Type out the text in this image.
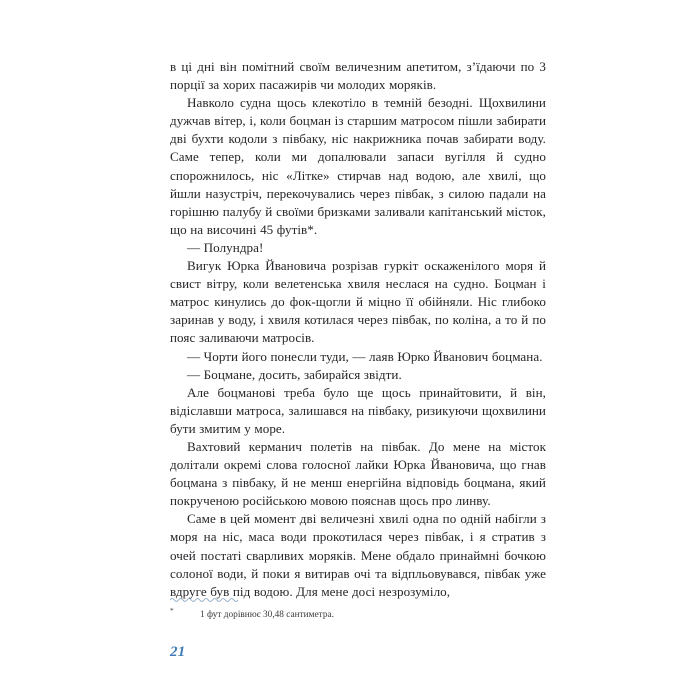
в ці дні він помітний своїм величезним апетитом, з’їдаючи по 3 порції за хорих пасажирів чи молодих моряків.

Навколо судна щось клекотіло в темній безодні. Щохвилини дужчав вітер, і, коли боцман із старшим матросом пішли забирати дві бухти кодоли з півбаку, ніс накрижника почав забирати воду. Саме тепер, коли ми допалювали запаси вугілля й судно спорожнилось, ніс «Літке» стирчав над водою, але хвилі, що йшли назустріч, перекочувались через півбак, з силою падали на горішню палубу й своїми бризками заливали капітанський місток, що на височині 45 футів*.

— Полундра!

Вигук Юрка Йвановича розрізав гуркіт оскаженілого моря й свист вітру, коли велетенська хвиля неслася на судно. Боцман і матрос кинулись до фок-щогли й міцно її обійняли. Ніс глибоко заринав у воду, і хвиля котилася через півбак, по коліна, а то й по пояс заливаючи матросів.

— Чорти його понесли туди, — лаяв Юрко Йванович боцмана.

— Боцмане, досить, забирайся звідти.

Але боцманові треба було ще щось принайтовити, й він, відіславши матроса, залишався на півбаку, ризикуючи щохвилини бути змитим у море.

Вахтовий керманич полетів на півбак. До мене на місток долітали окремі слова голосної лайки Юрка Йвановича, що гнав боцмана з півбаку, й не менш енергійна відповідь боцмана, який покрученою російською мовою пояснав щось про линву.

Саме в цей момент дві величезні хвилі одна по одній набігли з моря на ніс, маса води прокотилася через півбак, і я стратив з очей постаті сварливих моряків. Мене обдало принаймні бочкою солоної води, й поки я витирав очі та відпльовувався, півбак уже вдруге був під водою. Для мене досі незрозуміло,

*	1 фут дорівнює 30,48 сантиметра.
21
